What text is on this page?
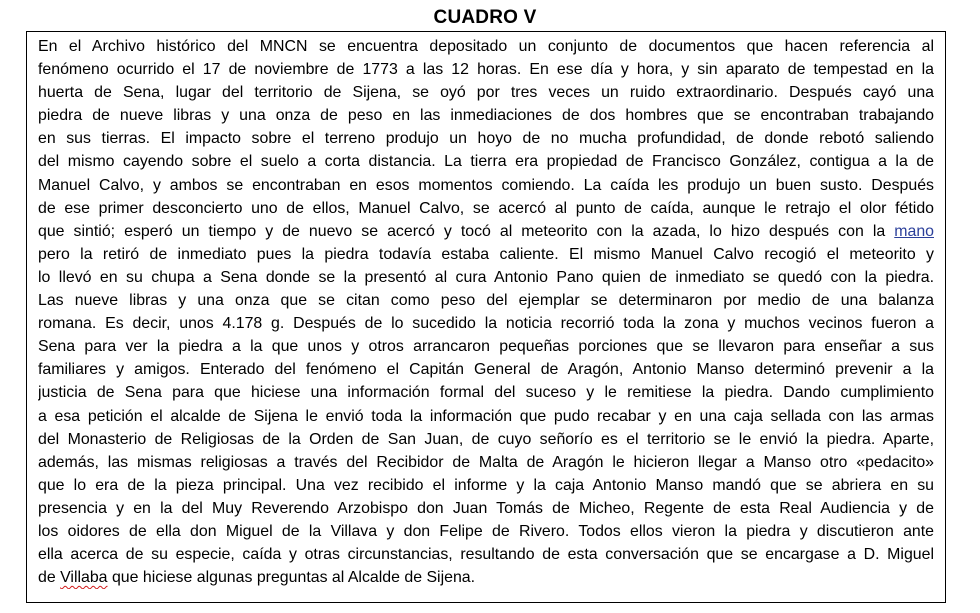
CUADRO V
En el Archivo histórico del MNCN se encuentra depositado un conjunto de documentos que hacen referencia al
fenómeno ocurrido el 17 de noviembre de 1773 a las 12 horas. En ese día y hora, y sin aparato de tempestad en la
huerta de Sena, lugar del territorio de Sijena, se oyó por tres veces un ruido extraordinario. Después cayó una
piedra de nueve libras y una onza de peso en las inmediaciones de dos hombres que se encontraban trabajando
en sus tierras. El impacto sobre el terreno produjo un hoyo de no mucha profundidad, de donde rebotó saliendo
del mismo cayendo sobre el suelo a corta distancia. La tierra era propiedad de Francisco González, contigua a la de
Manuel Calvo, y ambos se encontraban en esos momentos comiendo. La caída les produjo un buen susto. Después
de ese primer desconcierto uno de ellos, Manuel Calvo, se acercó al punto de caída, aunque le retrajo el olor fétido
que sintió; esperó un tiempo y de nuevo se acercó y tocó al meteorito con la azada, lo hizo después con la mano
pero la retiró de inmediato pues la piedra todavía estaba caliente. El mismo Manuel Calvo recogió el meteorito y
lo llevó en su chupa a Sena donde se la presentó al cura Antonio Pano quien de inmediato se quedó con la piedra.
Las nueve libras y una onza que se citan como peso del ejemplar se determinaron por medio de una balanza
romana. Es decir, unos 4.178 g. Después de lo sucedido la noticia recorrió toda la zona y muchos vecinos fueron a
Sena para ver la piedra a la que unos y otros arrancaron pequeñas porciones que se llevaron para enseñar a sus
familiares y amigos. Enterado del fenómeno el Capitán General de Aragón, Antonio Manso determinó prevenir a la
justicia de Sena para que hiciese una información formal del suceso y le remitiese la piedra. Dando cumplimiento
a esa petición el alcalde de Sijena le envió toda la información que pudo recabar y en una caja sellada con las armas
del Monasterio de Religiosas de la Orden de San Juan, de cuyo señorío es el territorio se le envió la piedra. Aparte,
además, las mismas religiosas a través del Recibidor de Malta de Aragón le hicieron llegar a Manso otro «pedacito»
que lo era de la pieza principal. Una vez recibido el informe y la caja Antonio Manso mandó que se abriera en su
presencia y en la del Muy Reverendo Arzobispo don Juan Tomás de Micheo, Regente de esta Real Audiencia y de
los oidores de ella don Miguel de la Villava y don Felipe de Rivero. Todos ellos vieron la piedra y discutieron ante
ella acerca de su especie, caída y otras circunstancias, resultando de esta conversación que se encargase a D. Miguel
de Villaba que hiciese algunas preguntas al Alcalde de Sijena.
